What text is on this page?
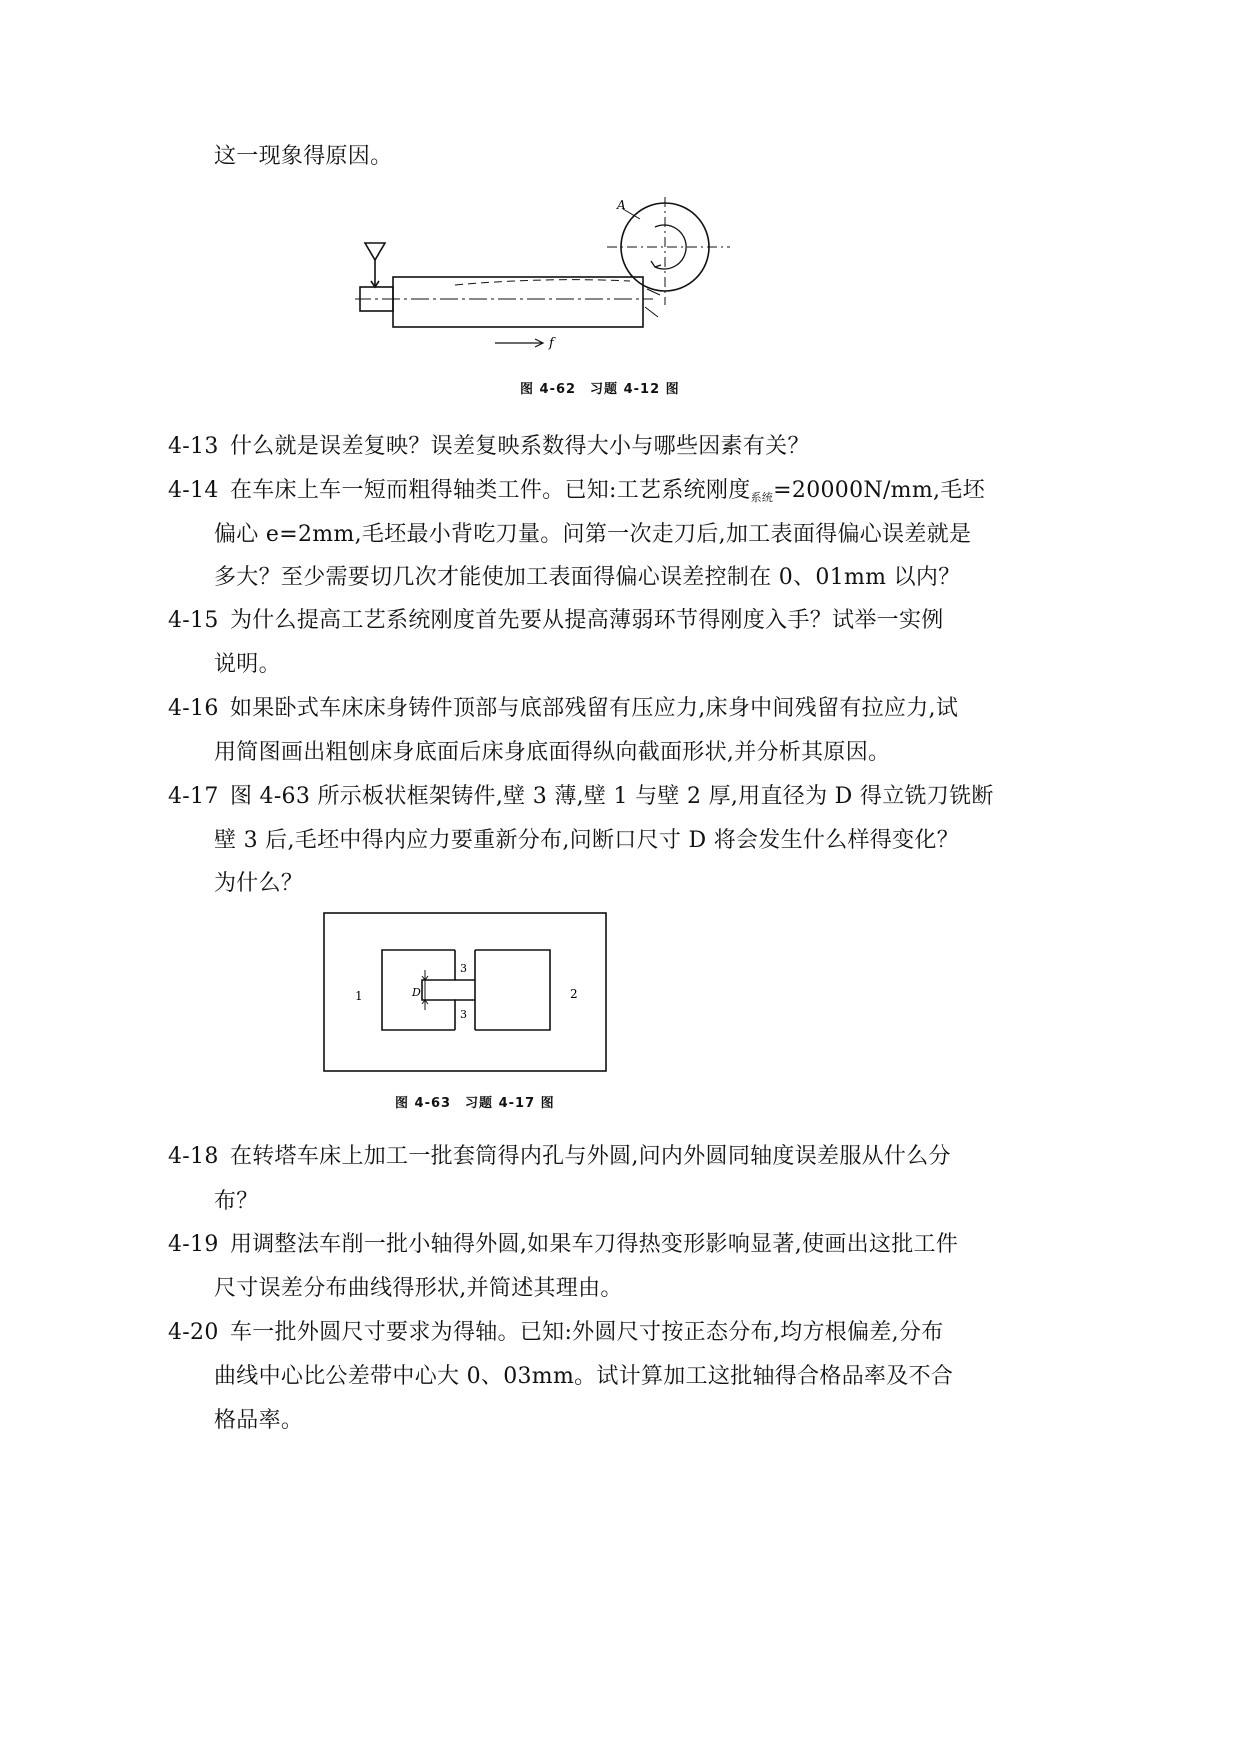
这一现象得原因。
A
f
图 4-62　习题 4-12 图
4-13  什么就是误差复映？误差复映系数得大小与哪些因素有关？
4-14  在车床上车一短而粗得轴类工件。已知:工艺系统刚度$_{系统}$=20000N/mm,毛坯
偏心 e=2mm,毛坯最小背吃刀量。问第一次走刀后,加工表面得偏心误差就是
多大？至少需要切几次才能使加工表面得偏心误差控制在 0、01mm 以内？
4-15  为什么提高工艺系统刚度首先要从提高薄弱环节得刚度入手？试举一实例
说明。
4-16  如果卧式车床床身铸件顶部与底部残留有压应力,床身中间残留有拉应力,试
用简图画出粗刨床身底面后床身底面得纵向截面形状,并分析其原因。
4-17  图 4-63 所示板状框架铸件,壁 3 薄,壁 1 与壁 2 厚,用直径为 D 得立铣刀铣断
壁 3 后,毛坯中得内应力要重新分布,问断口尺寸 D 将会发生什么样得变化？
为什么？
4-18  在转塔车床上加工一批套筒得内孔与外圆,问内外圆同轴度误差服从什么分
布？
4-19  用调整法车削一批小轴得外圆,如果车刀得热变形影响显著,使画出这批工件
尺寸误差分布曲线得形状,并简述其理由。
4-20  车一批外圆尺寸要求为得轴。已知:外圆尺寸按正态分布,均方根偏差,分布
曲线中心比公差带中心大 0、03mm。试计算加工这批轴得合格品率及不合
格品率。
1	2
3
3
D
图 4-63　习题 4-17 图
